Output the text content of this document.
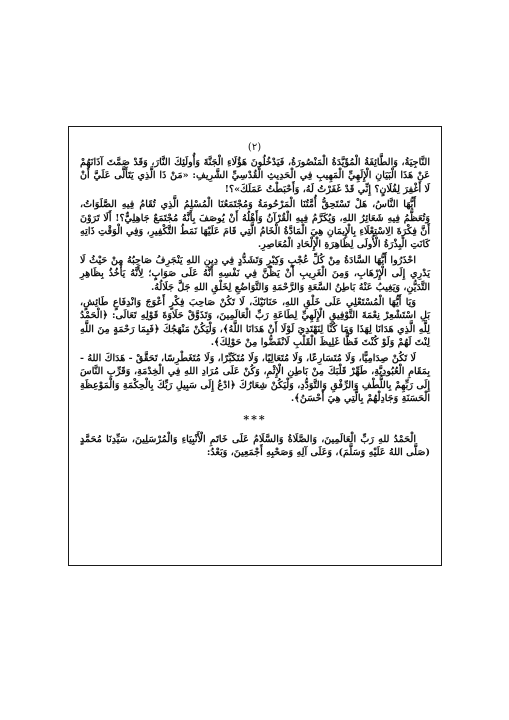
(٢)

النَّاجِيَةُ، وَالطَّائِفَةُ الْمُؤَيَّدَةُ الْمَنْصُورَةُ، فَيَدْخُلُونَ هَؤُلَاءِ الْجَنَّةَ وَأُولَئِكَ النَّارَ، وَقَدْ صَمَّتَ آذَانَهُمْ عَنْ هَذَا الْبَيَانِ الْإِلَهِيِّ الْمَهِيبِ فِي الْحَدِيثِ الْقُدْسِيِّ الشَّرِيفِ: «مَنْ ذَا الَّذِي يَتَأَلَّى عَلَيَّ أَنْ لَا أَغْفِرَ لِفُلَانٍ؟ إِنِّي قَدْ غَفَرْتُ لَهُ، وَأَحْبَطْتُ عَمَلَكَ»؟!

أَيُّهَا النَّاسُ، هَلْ تَسْتَحِقُّ أُمَّتُنَا الْمَرْحُومَةُ وَمُجْتَمَعُنَا الْمُسْلِمُ الَّذِي تُقَامُ فِيهِ الصَّلَوَاتُ، وَتُعَظَّمُ فِيهِ شَعَائِرُ اللهِ، وَيُكَرَّمُ فِيهِ الْقُرْآنُ وَأَهْلُهُ أَنْ يُوصَفَ بِأَنَّهُ مُجْتَمَعٌ جَاهِلِيٌّ؟! أَلَا تَرَوْنَ أَنَّ فِكْرَةَ الِاسْتِعْلَاءِ بِالْإِيمَانِ هِيَ الْمَادَّةُ الْخَامُ الَّتِي قَامَ عَلَيْهَا نَمَطُ التَّكْفِيرِ، وَفِي الْوَقْتِ ذَاتِهِ كَانَتِ الْبِذْرَةُ الْأُولَى لِظَاهِرَةِ الْإِلْحَادِ الْمُعَاصِرِ.

احْذَرُوا أَيُّهَا السَّادَةُ مِنْ كُلِّ عُجْبٍ وَكِبْرٍ وَتَشَدُّدٍ فِي دِينِ اللهِ يَنْجَرِفُ صَاحِبُهُ مِنْ حَيْثُ لَا يَدْرِي إِلَى الْإِرْهَابِ، وَمِنَ الْغَرِيبِ أَنْ يَظُنَّ فِي نَفْسِهِ أَنَّهُ عَلَى صَوَابٍ؛ لِأَنَّهُ يَأْخُذُ بِظَاهِرِ التَّدَيُّنِ، وَيَغِيبُ عَنْهُ بَاطِنُ السَّعَةِ وَالرَّحْمَةِ وَالتَّوَاضُعِ لِخَلْقِ اللهِ جَلَّ جَلَالُهُ.

وَيَا أَيُّهَا الْمُسْتَعْلِي عَلَى خَلْقِ اللهِ، حَنَانَيْكَ، لَا تَكُنْ صَاحِبَ فِكْرٍ أَعْوَجَ وَانْدِفَاعٍ طَائِشٍ، بَلِ اسْتَشْعِرْ نِعْمَةَ التَّوْفِيقِ الْإِلَهِيِّ لِطَاعَةِ رَبِّ الْعَالَمِينَ، وَتَذَوَّقْ حَلَاوَةَ قَوْلِهِ تَعَالَى: ﴿الْحَمْدُ لِلَّهِ الَّذِي هَدَانَا لِهَذَا وَمَا كُنَّا لِنَهْتَدِيَ لَوْلَا أَنْ هَدَانَا اللَّهُ﴾، وَلْيَكُنْ مَنْهَجُكَ ﴿فَبِمَا رَحْمَةٍ مِنَ اللَّهِ لِنْتَ لَهُمْ وَلَوْ كُنْتَ فَظًّا غَلِيظَ الْقَلْبِ لَانْفَضُّوا مِنْ حَوْلِكَ﴾.

لَا تَكُنْ صِدَامِيًّا، وَلَا مُتَسَارِعًا، وَلَا مُتَعَالِيًا، وَلَا مُتَكَبِّرًا، وَلَا مُتَغَطْرِسًا، تَحَقَّقْ - هَدَاكَ اللهُ - بِمَقَامِ الْعُبُودِيَّةِ، طَهِّرْ قَلْبَكَ مِنْ بَاطِنِ الْإِثْمِ، وَكُنْ عَلَى مُرَادِ اللهِ فِي الْخِدْمَةِ، وَقَرِّبِ النَّاسَ إِلَى رَبِّهِمْ بِاللُّطْفِ وَالرِّفْقِ وَالتَّوَدُّدِ، وَلْيَكُنْ شِعَارُكَ ﴿ادْعُ إِلَى سَبِيلِ رَبِّكَ بِالْحِكْمَةِ وَالْمَوْعِظَةِ الْحَسَنَةِ وَجَادِلْهُمْ بِالَّتِي هِيَ أَحْسَنُ﴾.

***

الْحَمْدُ للهِ رَبِّ الْعَالَمِينَ، وَالصَّلَاةُ وَالسَّلَامُ عَلَى خَاتَمِ الْأَنْبِيَاءِ وَالْمُرْسَلِينَ، سَيِّدِنَا مُحَمَّدٍ (صَلَّى اللهُ عَلَيْهِ وَسَلَّمَ)، وَعَلَى آلِهِ وَصَحْبِهِ أَجْمَعِينَ، وَبَعْدُ:
